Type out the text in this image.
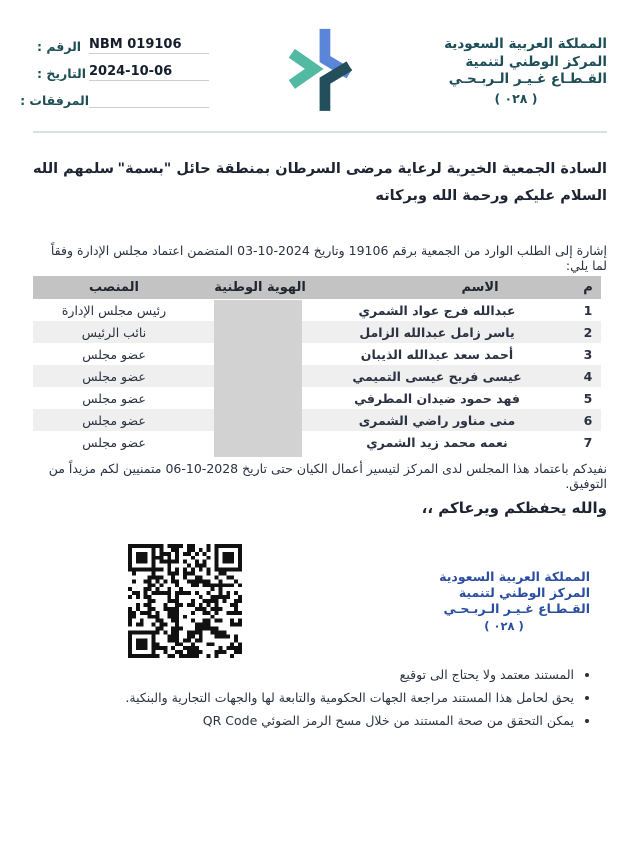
NBM 019106
الرقم :
2024-10-06
التاريخ :
المرفقات :
المملكة العربية السعودية
المركز الوطني لتنمية
القـطـاع غـيـر الـربـحـي
( ٠٢٨ )
السادة الجمعية الخيرية لرعاية مرضى السرطان بمنطقة حائل "بسمة"
سلمهم الله
السلام عليكم ورحمة الله وبركاته
إشارة إلى الطلب الوارد من الجمعية برقم 19106 وتاريخ 2024-10-03 المتضمن اعتماد مجلس الإدارة وفقاً لما يلي:
م	الاسم	الهوية الوطنية	المنصب
1	عبدالله فرج عواد الشمري		رئيس مجلس الإدارة
2	ياسر زامل عبدالله الزامل		نائب الرئيس
3	أحمد سعد عبدالله الذيبان		عضو مجلس
4	عيسى فريح عيسى التميمي		عضو مجلس
5	فهد حمود ضيدان المطرفي		عضو مجلس
6	منى مناور راضي الشمرى		عضو مجلس
7	نعمه محمد زيد الشمري		عضو مجلس
نفيدكم باعتماد هذا المجلس لدى المركز لتيسير أعمال الكيان حتى تاريخ 2028-10-06 متمنيين لكم مزيداً من التوفيق.
والله يحفظكم ويرعاكم ،،
المملكة العربية السعودية
المركز الوطني لتنمية
القـطـاع غـيـر الـربـحـي
( ٠٢٨ )
• المستند معتمد ولا يحتاج الى توقيع
• يحق لحامل هذا المستند مراجعة الجهات الحكومية والتابعة لها والجهات التجارية والبنكية.
• يمكن التحقق من صحة المستند من خلال مسح الرمز الضوئي QR Code
